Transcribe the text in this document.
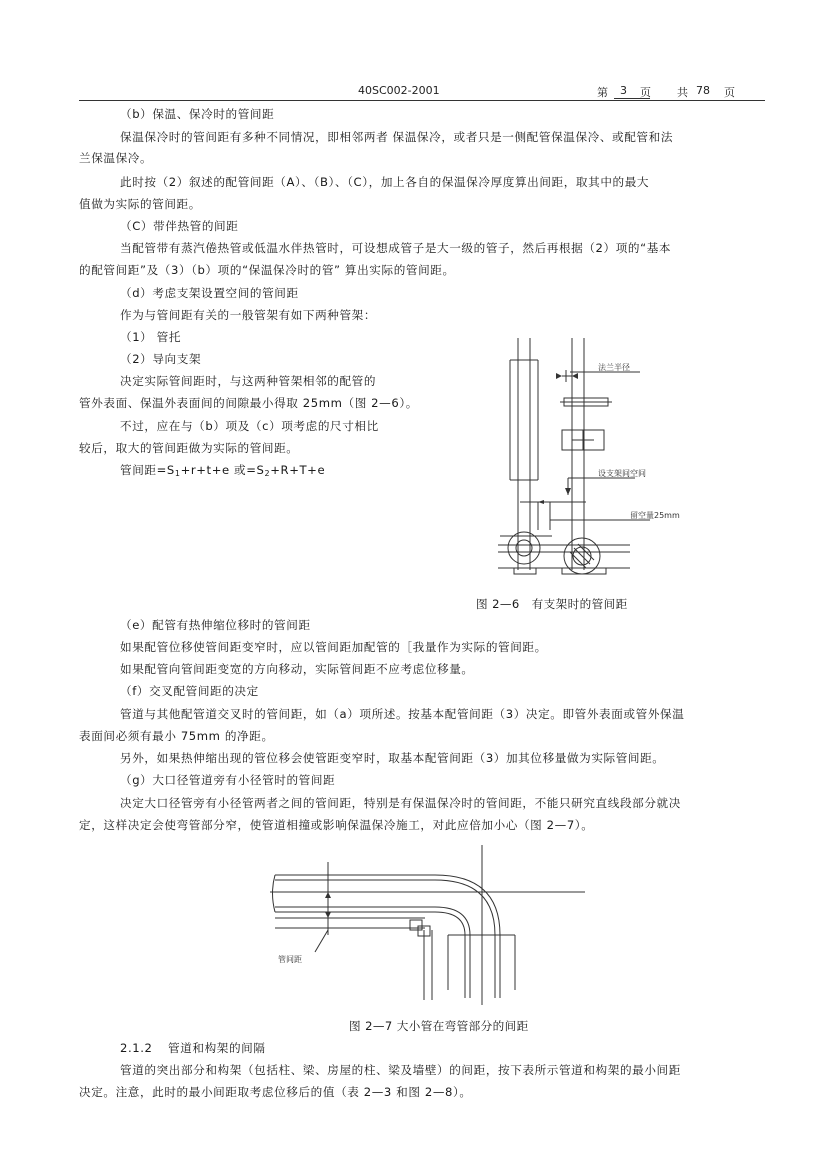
40SC002-2001	第 3 页 共 78 页
（b）保温、保冷时的管间距
保温保冷时的管间距有多种不同情况，即相邻两者 保温保冷，或者只是一侧配管保温保冷、或配管和法
兰保温保冷。
此时按（2）叙述的配管间距（A）、（B）、（C），加上各自的保温保冷厚度算出间距，取其中的最大
值做为实际的管间距。
（C）带伴热管的间距
当配管带有蒸汽倦热管或低温水伴热管时，可设想成管子是大一级的管子，然后再根据（2）项的“基本
的配管间距”及（3）（b）项的“保温保冷时的管” 算出实际的管间距。
（d）考虑支架设置空间的管间距
作为与管间距有关的一般管架有如下两种管架：
（1） 管托
（2）导向支架
决定实际管间距时，与这两种管架相邻的配管的
管外表面、保温外表面间的间隙最小得取 25mm（图 2—6）。
不过，应在与（b）项及（c）项考虑的尺寸相比
较后，取大的管间距做为实际的管间距。
管间距$=S_1+r+t+e$ 或$=S_2+R+T+e$
法兰半径
设支架间空间
留空量25mm
图 2—6　有支架时的管间距
（e）配管有热伸缩位移时的管间距
如果配管位移使管间距变窄时，应以管间距加配管的［我量作为实际的管间距。
如果配管向管间距变宽的方向移动，实际管间距不应考虑位移量。
（f）交叉配管间距的决定
管道与其他配管道交叉时的管间距，如（a）项所述。按基本配管间距（3）决定。即管外表面或管外保温
表面间必须有最小 75mm 的净距。
另外，如果热伸缩出现的管位移会使管距变窄时，取基本配管间距（3）加其位移量做为实际管间距。
（g）大口径管道旁有小径管时的管间距
决定大口径管旁有小径管两者之间的管间距，特别是有保温保冷时的管间距，不能只研究直线段部分就决
定，这样决定会使弯管部分窄，使管道相撞或影响保温保冷施工，对此应倍加小心（图 2—7）。
管间距
图 2—7 大小管在弯管部分的间距
2.1.2 管道和构架的间隔
管道的突出部分和构架（包括柱、梁、房屋的柱、梁及墙壁）的间距，按下表所示管道和构架的最小间距
决定。注意，此时的最小间距取考虑位移后的值（表 2—3 和图 2—8）。
